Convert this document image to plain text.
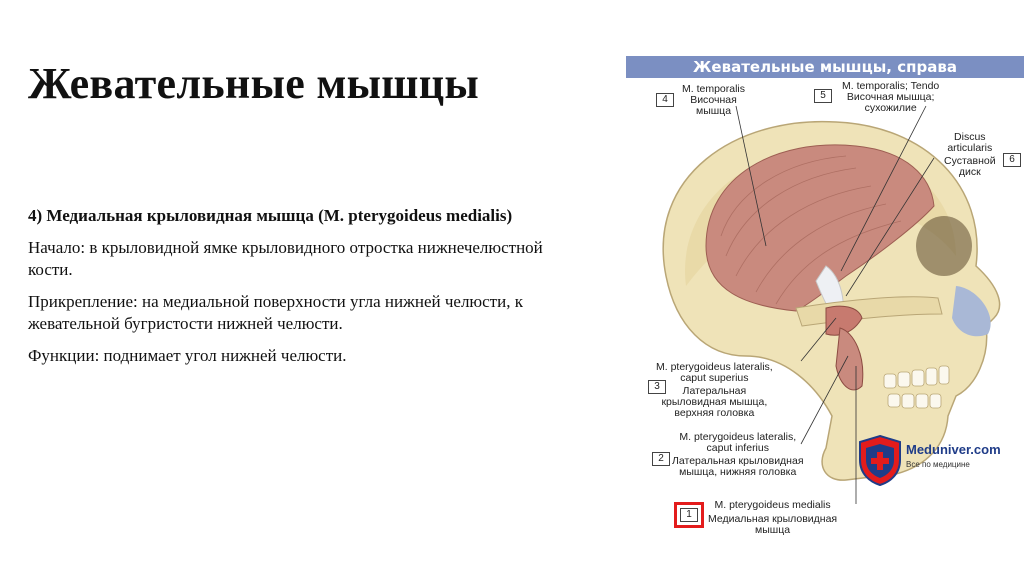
Жевательные мышцы

4) Медиальная крыловидная мышца (M. pterygoideus medialis)

Начало: в крыловидной ямке крыловидного отростка нижнечелюстной кости.

Прикрепление: на медиальной поверхности угла нижней челюсти, к жевательной бугристости нижней челюсти.

Функции: поднимает угол нижней челюсти.

Жевательные мышцы, справа
4
M. temporalis
Височная
мышца
5
M. temporalis; Tendo
Височная мышца;
сухожилие
Discus
articularis
Суставной
диск
6
M. pterygoideus lateralis,
caput superius
Латеральная
крыловидная мышца,
верхняя головка
3
M. pterygoideus lateralis,
caput inferius
Латеральная крыловидная
мышца, нижняя головка
2
1
M. pterygoideus medialis
Медиальная крыловидная
мышца
Meduniver.com
Все по медицине
